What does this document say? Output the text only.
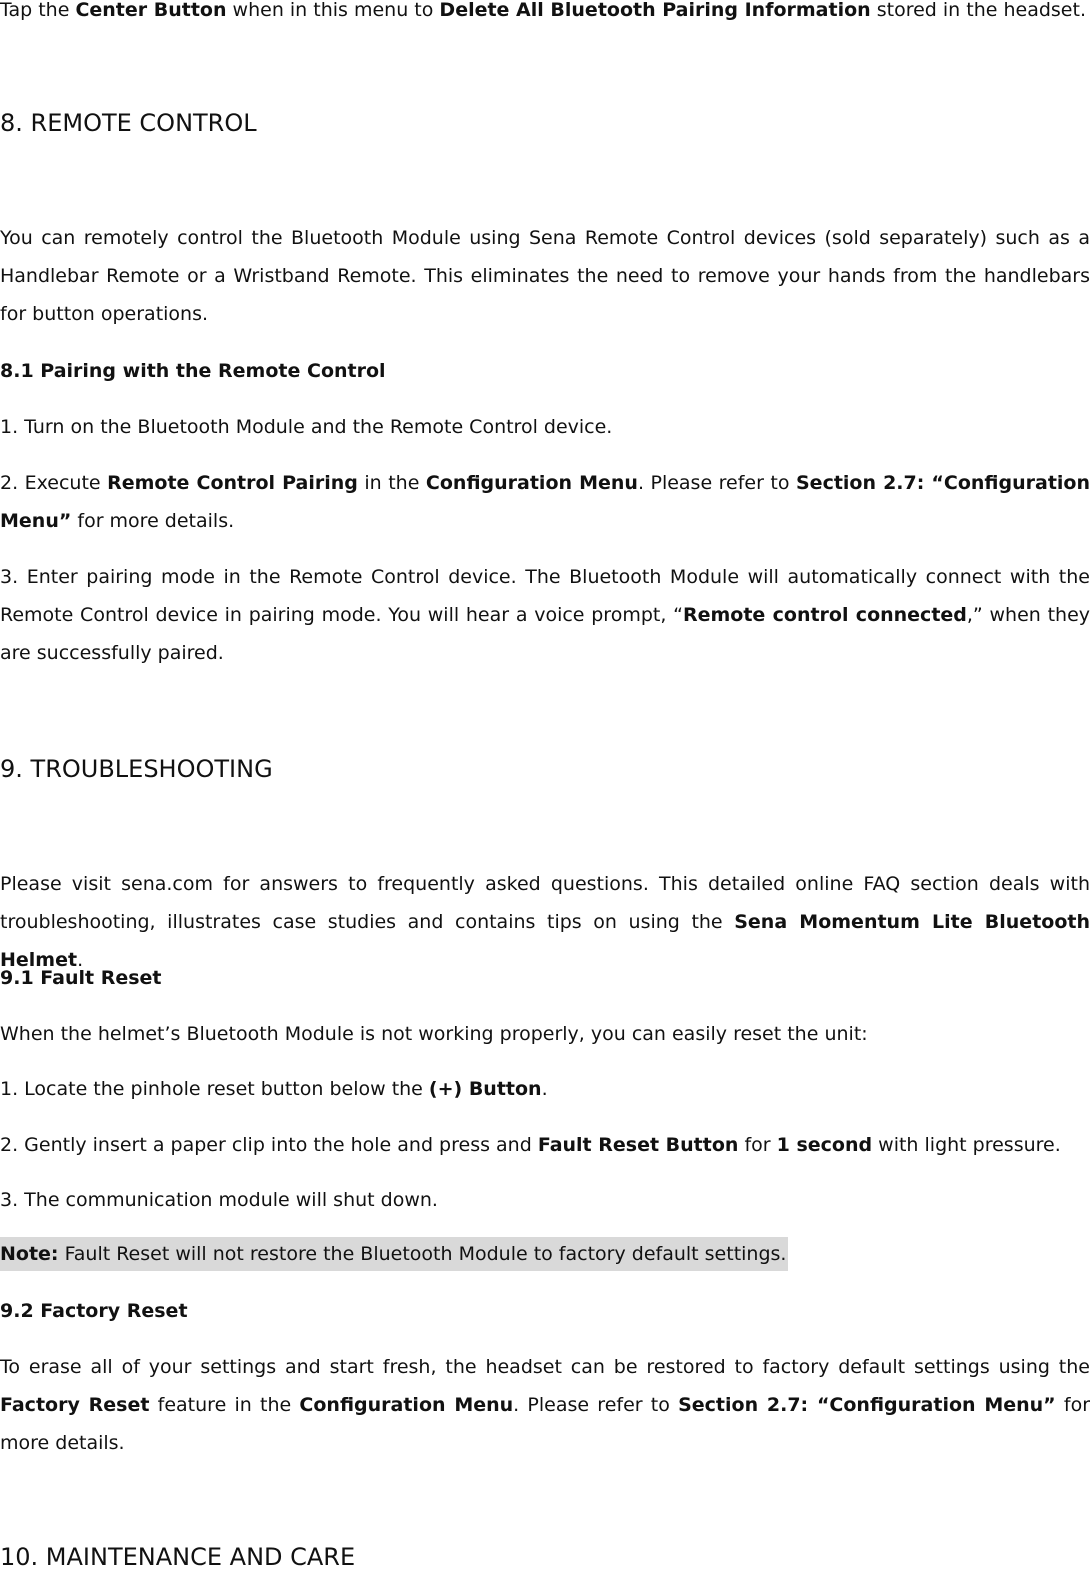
Tap the Center Button when in this menu to Delete All Bluetooth Pairing Information stored in the headset.

8. REMOTE CONTROL

You can remotely control the Bluetooth Module using Sena Remote Control devices (sold separately) such as a Handlebar Remote or a Wristband Remote. This eliminates the need to remove your hands from the handlebars for button operations.

8.1 Pairing with the Remote Control

1. Turn on the Bluetooth Module and the Remote Control device.

2. Execute Remote Control Pairing in the Configuration Menu. Please refer to Section 2.7: “Configuration Menu” for more details.

3. Enter pairing mode in the Remote Control device. The Bluetooth Module will automatically connect with the Remote Control device in pairing mode. You will hear a voice prompt, “Remote control connected,” when they are successfully paired.

9. TROUBLESHOOTING

Please visit sena.com for answers to frequently asked questions. This detailed online FAQ section deals with troubleshooting, illustrates case studies and contains tips on using the Sena Momentum Lite Bluetooth Helmet.

9.1 Fault Reset

When the helmet’s Bluetooth Module is not working properly, you can easily reset the unit:

1. Locate the pinhole reset button below the (+) Button.

2. Gently insert a paper clip into the hole and press and Fault Reset Button for 1 second with light pressure.

3. The communication module will shut down.

Note: Fault Reset will not restore the Bluetooth Module to factory default settings.

9.2 Factory Reset

To erase all of your settings and start fresh, the headset can be restored to factory default settings using the Factory Reset feature in the Configuration Menu. Please refer to Section 2.7: “Configuration Menu” for more details.

10. MAINTENANCE AND CARE
